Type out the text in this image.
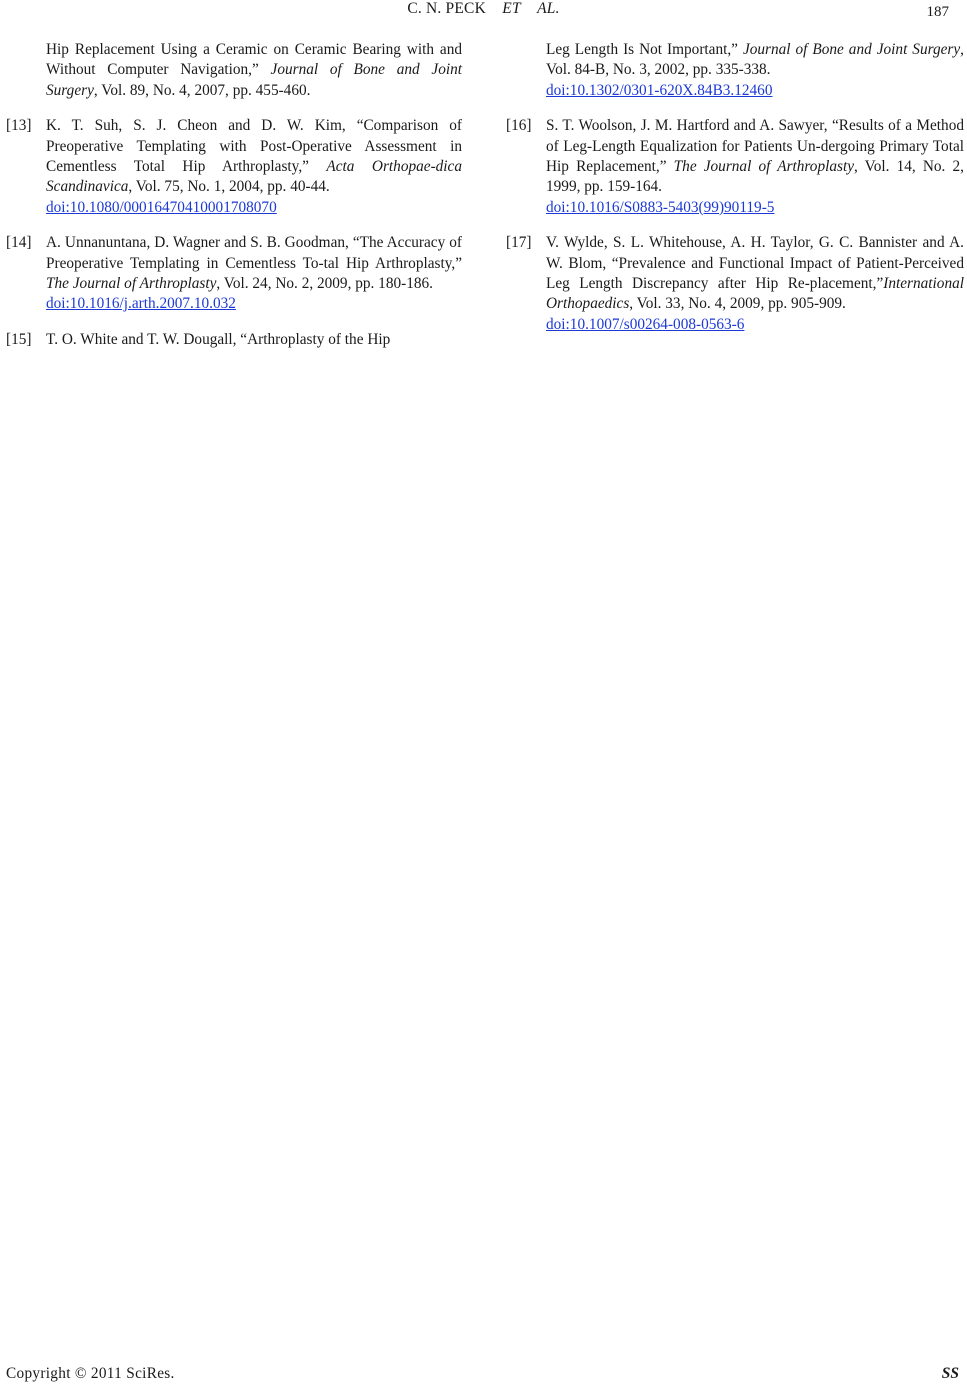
C. N. PECK ET AL.	187
Hip Replacement Using a Ceramic on Ceramic Bearing with and Without Computer Navigation,” Journal of Bone and Joint Surgery, Vol. 89, No. 4, 2007, pp. 455-460.
[13] K. T. Suh, S. J. Cheon and D. W. Kim, “Comparison of Preoperative Templating with Post-Operative Assessment in Cementless Total Hip Arthroplasty,” Acta Orthopae-dica Scandinavica, Vol. 75, No. 1, 2004, pp. 40-44.
doi:10.1080/00016470410001708070
[14] A. Unnanuntana, D. Wagner and S. B. Goodman, “The Accuracy of Preoperative Templating in Cementless To-tal Hip Arthroplasty,” The Journal of Arthroplasty, Vol. 24, No. 2, 2009, pp. 180-186.
doi:10.1016/j.arth.2007.10.032
[15] T. O. White and T. W. Dougall, “Arthroplasty of the Hip
Leg Length Is Not Important,” Journal of Bone and Joint Surgery, Vol. 84-B, No. 3, 2002, pp. 335-338.
doi:10.1302/0301-620X.84B3.12460
[16] S. T. Woolson, J. M. Hartford and A. Sawyer, “Results of a Method of Leg-Length Equalization for Patients Un-dergoing Primary Total Hip Replacement,” The Journal of Arthroplasty, Vol. 14, No. 2, 1999, pp. 159-164.
doi:10.1016/S0883-5403(99)90119-5
[17] V. Wylde, S. L. Whitehouse, A. H. Taylor, G. C. Bannister and A. W. Blom, “Prevalence and Functional Impact of Patient-Perceived Leg Length Discrepancy after Hip Re-placement,”International Orthopaedics, Vol. 33, No. 4, 2009, pp. 905-909.
doi:10.1007/s00264-008-0563-6
Copyright © 2011 SciRes.	SS
